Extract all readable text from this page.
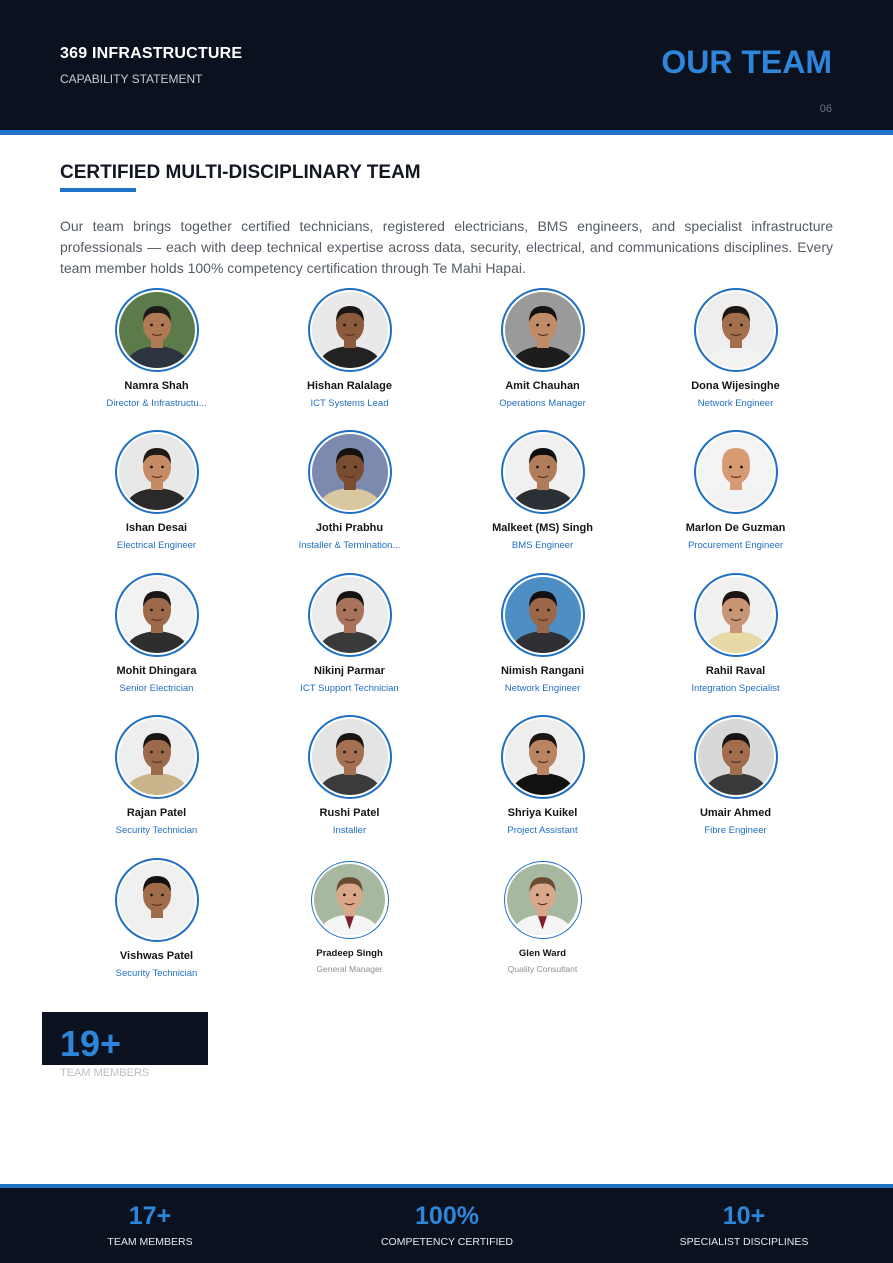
369 INFRASTRUCTURE
CAPABILITY STATEMENT	OUR TEAM
06
CERTIFIED MULTI-DISCIPLINARY TEAM

Our team brings together certified technicians, registered electricians, BMS engineers, and specialist infrastructure professionals — each with deep technical expertise across data, security, electrical, and communications disciplines. Every team member holds 100% competency certification through Te Mahi Hapai.

Namra Shah
Director & Infrastructu...
Hishan Ralalage
ICT Systems Lead
Amit Chauhan
Operations Manager
Dona Wijesinghe
Network Engineer
Ishan Desai
Electrical Engineer
Jothi Prabhu
Installer & Termination...
Malkeet (MS) Singh
BMS Engineer
Marlon De Guzman
Procurement Engineer
Mohit Dhingara
Senior Electrician
Nikinj Parmar
ICT Support Technician
Nimish Rangani
Network Engineer
Rahil Raval
Integration Specialist
Rajan Patel
Security Technician
Rushi Patel
Installer
Shriya Kuikel
Project Assistant
Umair Ahmed
Fibre Engineer
Vishwas Patel
Security Technician
Pradeep Singh
General Manager
Glen Ward
Quality Consultant
19+
TEAM MEMBERS
17+
TEAM MEMBERS
100%
COMPETENCY CERTIFIED
10+
SPECIALIST DISCIPLINES
